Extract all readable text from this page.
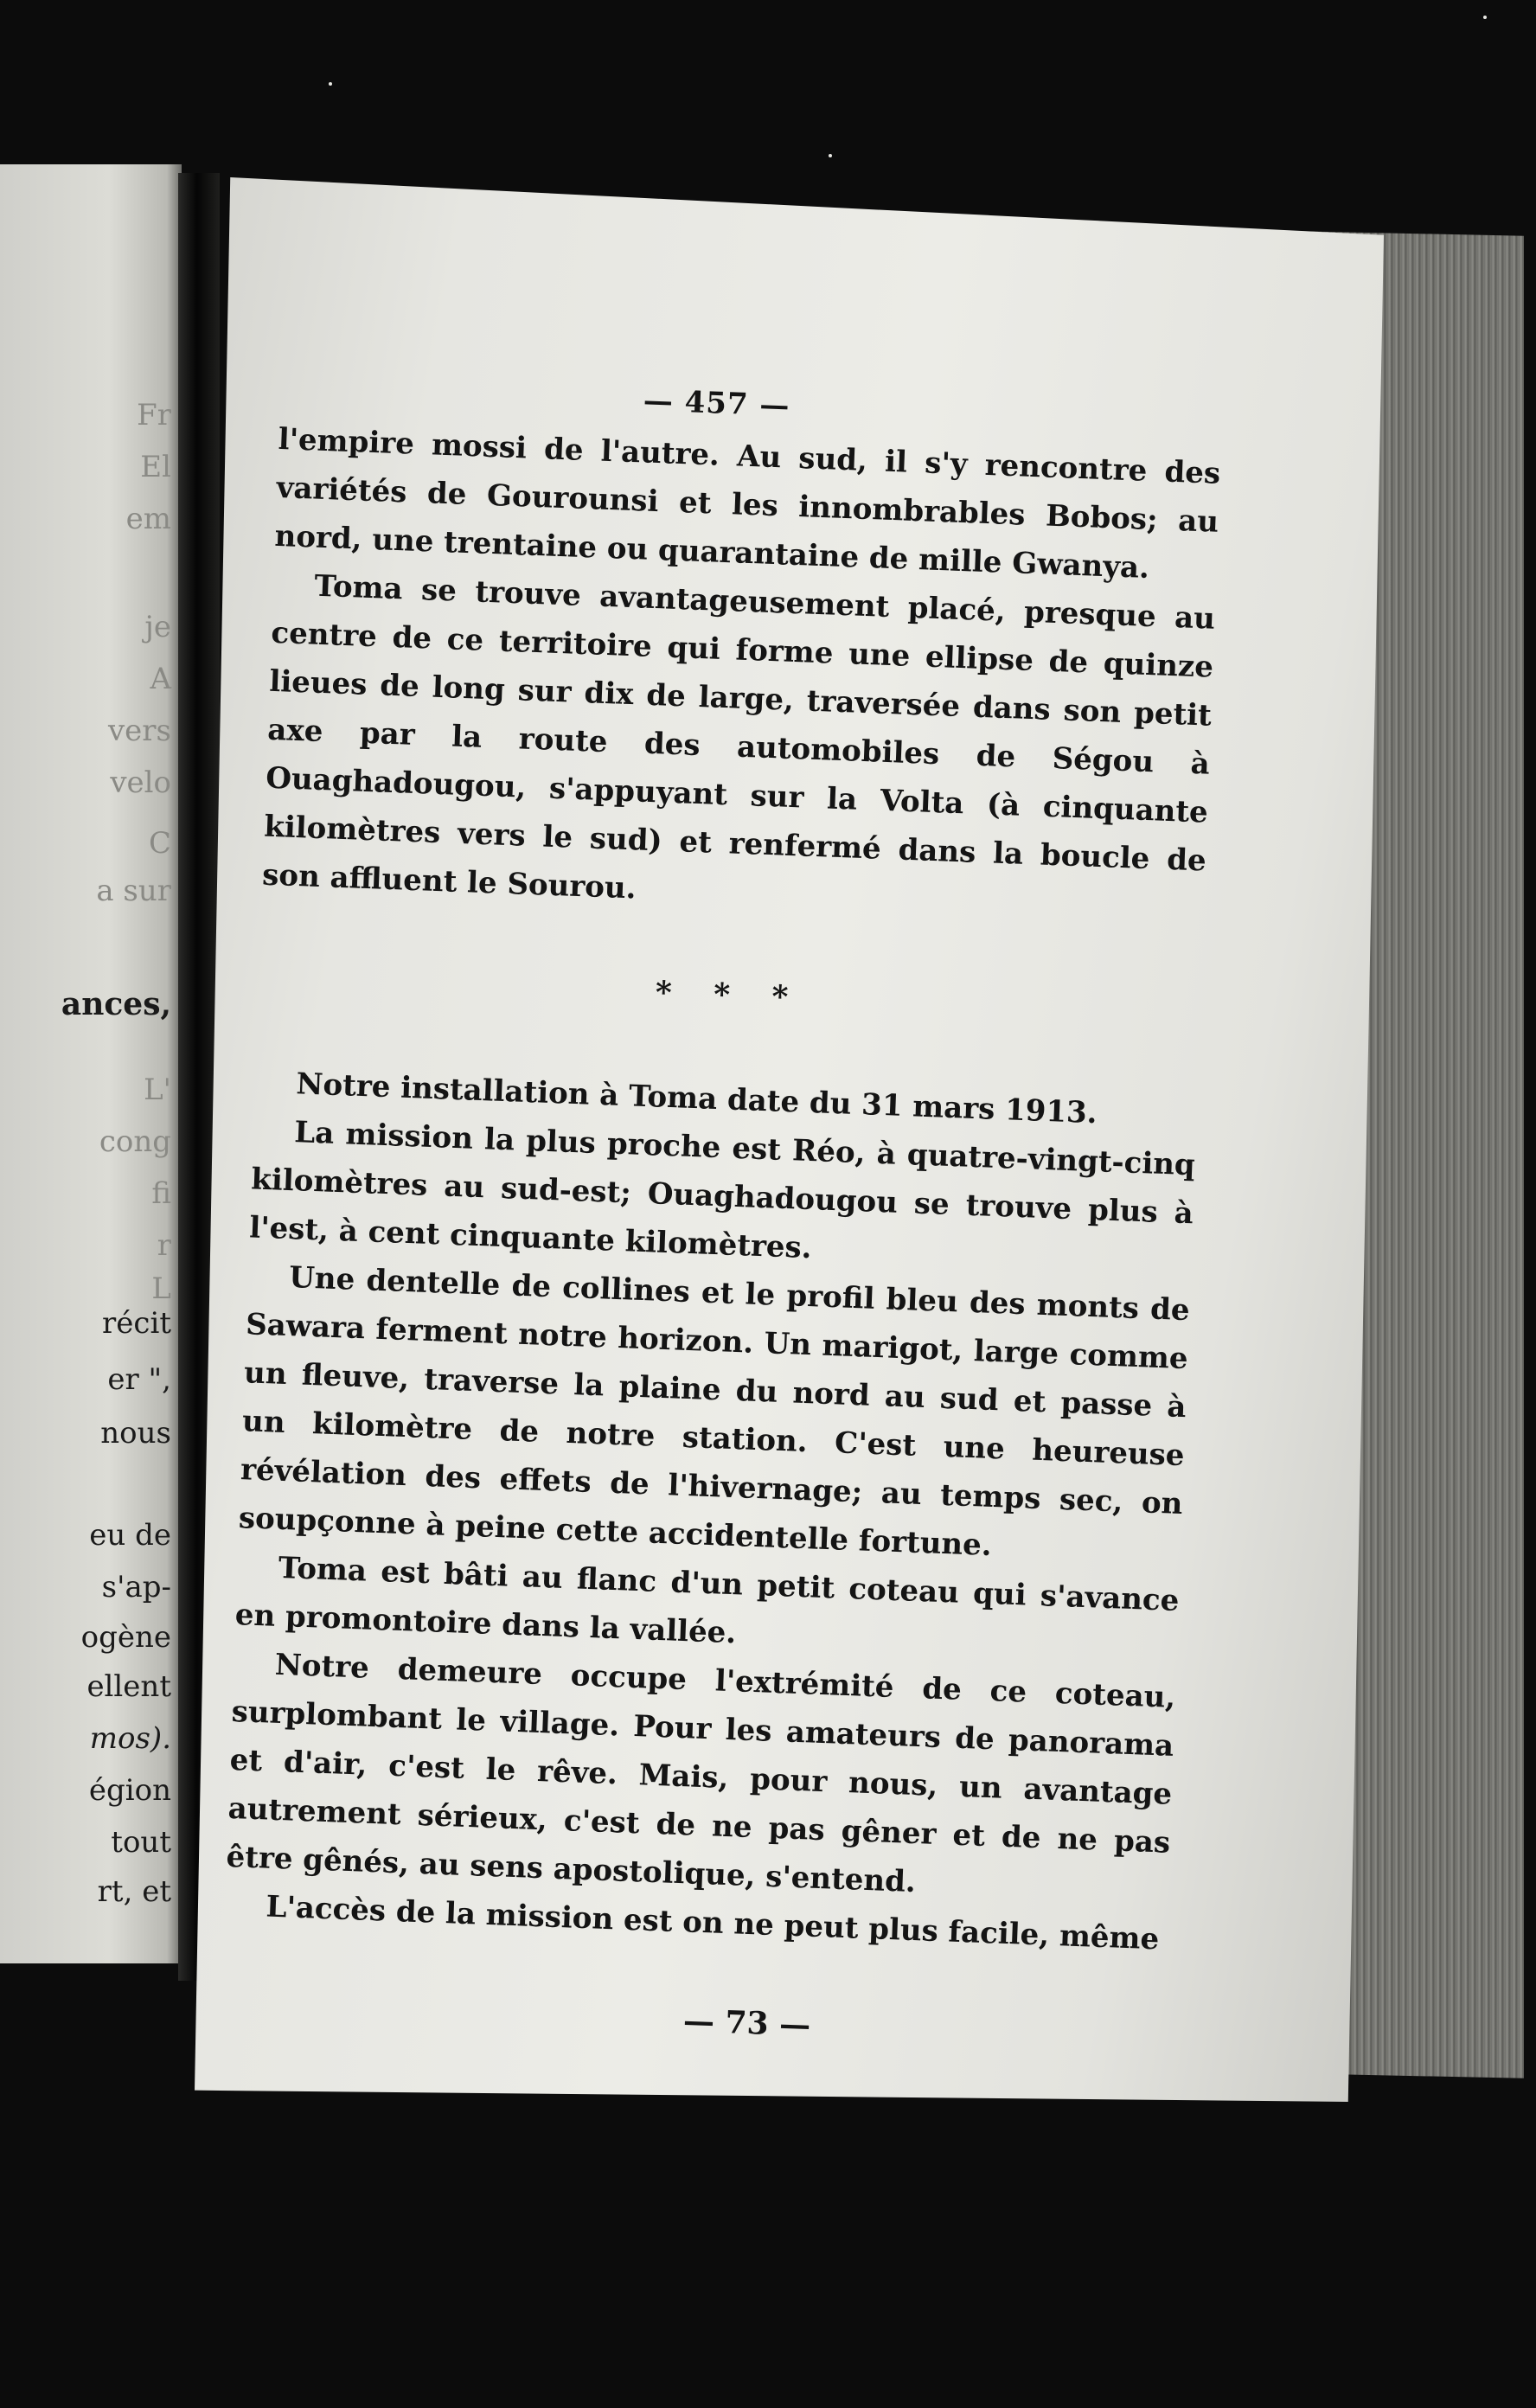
Fr
El
em
je
A
vers
velo
C
a sur
ances,
L'
cong
fi
r
L
récit
er ",
nous
eu de
s'ap-
ogène
ellent
mos).
égion
tout
rt, et
— 457 —

l'empire mossi de l'autre. Au sud, il s'y rencontre des variétés de Gourounsi et les innombrables Bobos; au nord, une trentaine ou quarantaine de mille Gwanya.

Toma se trouve avantageusement placé, presque au centre de ce territoire qui forme une ellipse de quinze lieues de long sur dix de large, traversée dans son petit axe par la route des automobiles de Ségou à Ouaghadougou, s'appuyant sur la Volta (à cinquante kilomètres vers le sud) et renfermé dans la boucle de son affluent le Sourou.

* * *

Notre installation à Toma date du 31 mars 1913.

La mission la plus proche est Réo, à quatre-vingt-cinq kilomètres au sud-est; Ouaghadougou se trouve plus à l'est, à cent cinquante kilomètres.

Une dentelle de collines et le profil bleu des monts de Sawara ferment notre horizon. Un marigot, large comme un fleuve, traverse la plaine du nord au sud et passe à un kilomètre de notre station. C'est une heureuse révélation des effets de l'hivernage; au temps sec, on soupçonne à peine cette accidentelle fortune.

Toma est bâti au flanc d'un petit coteau qui s'avance en promontoire dans la vallée.

Notre demeure occupe l'extrémité de ce coteau, surplombant le village. Pour les amateurs de panorama et d'air, c'est le rêve. Mais, pour nous, un avantage autrement sérieux, c'est de ne pas gêner et de ne pas être gênés, au sens apostolique, s'entend.

L'accès de la mission est on ne peut plus facile, même

— 73 —
